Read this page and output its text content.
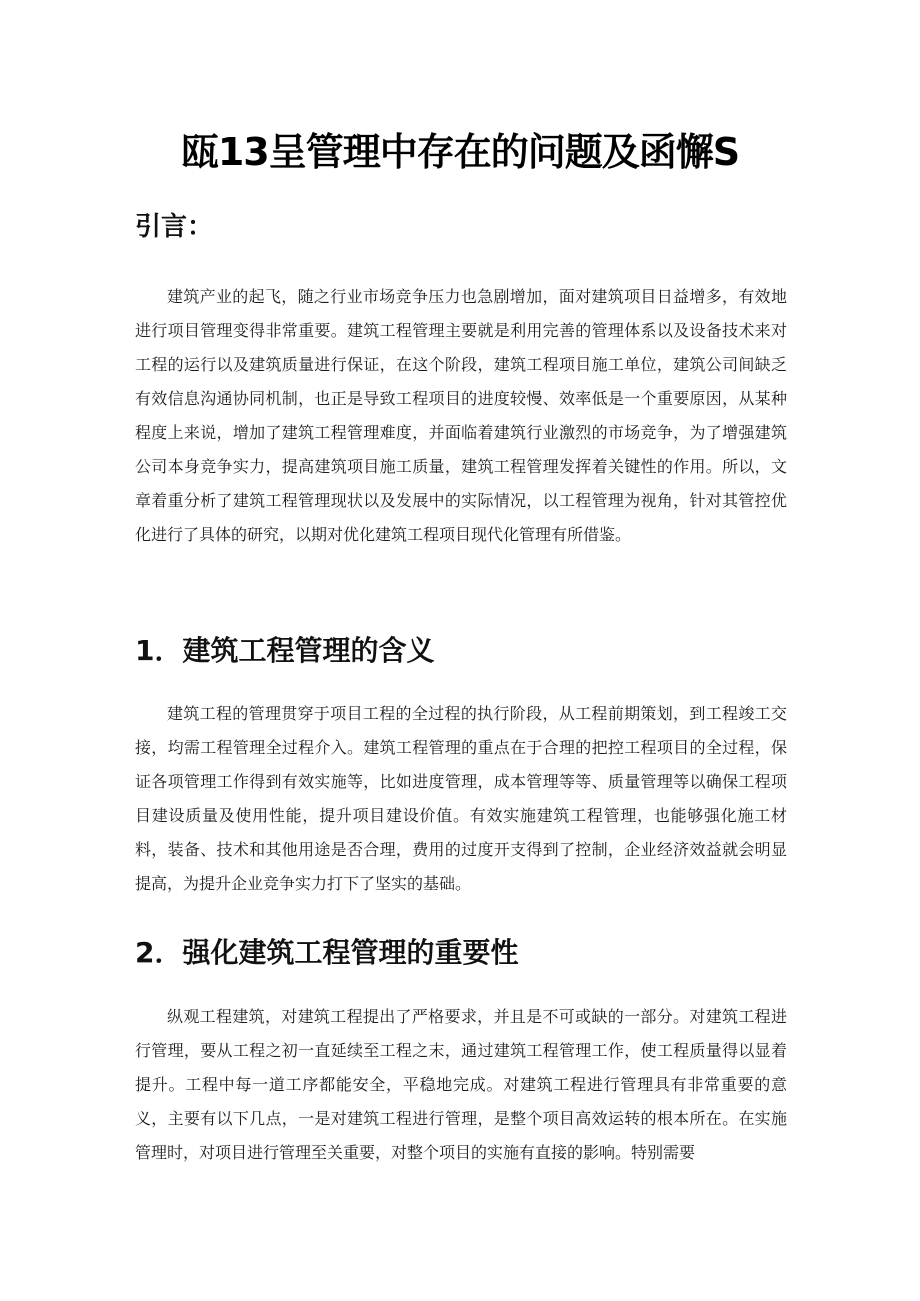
瓯13呈管理中存在的问题及函懈S
引言：

建筑产业的起飞，随之行业市场竞争压力也急剧增加，面对建筑项目日益增多，有效地进行项目管理变得非常重要。建筑工程管理主要就是利用完善的管理体系以及设备技术来对工程的运行以及建筑质量进行保证，在这个阶段，建筑工程项目施工单位，建筑公司间缺乏有效信息沟通协同机制，也正是导致工程项目的进度较慢、效率低是一个重要原因，从某种程度上来说，增加了建筑工程管理难度，并面临着建筑行业激烈的市场竞争，为了增强建筑公司本身竞争实力，提高建筑项目施工质量，建筑工程管理发挥着关键性的作用。所以，文章着重分析了建筑工程管理现状以及发展中的实际情况，以工程管理为视角，针对其管控优化进行了具体的研究，以期对优化建筑工程项目现代化管理有所借鉴。

1．建筑工程管理的含义

建筑工程的管理贯穿于项目工程的全过程的执行阶段，从工程前期策划，到工程竣工交接，均需工程管理全过程介入。建筑工程管理的重点在于合理的把控工程项目的全过程，保证各项管理工作得到有效实施等，比如进度管理，成本管理等等、质量管理等以确保工程项目建设质量及使用性能，提升项目建设价值。有效实施建筑工程管理，也能够强化施工材料，装备、技术和其他用途是否合理，费用的过度开支得到了控制，企业经济效益就会明显提高，为提升企业竞争实力打下了坚实的基础。

2．强化建筑工程管理的重要性

纵观工程建筑，对建筑工程提出了严格要求，并且是不可或缺的一部分。对建筑工程进行管理，要从工程之初一直延续至工程之末，通过建筑工程管理工作，使工程质量得以显着提升。工程中每一道工序都能安全，平稳地完成。对建筑工程进行管理具有非常重要的意义，主要有以下几点，一是对建筑工程进行管理，是整个项目高效运转的根本所在。在实施管理时，对项目进行管理至关重要，对整个项目的实施有直接的影响。特别需要
